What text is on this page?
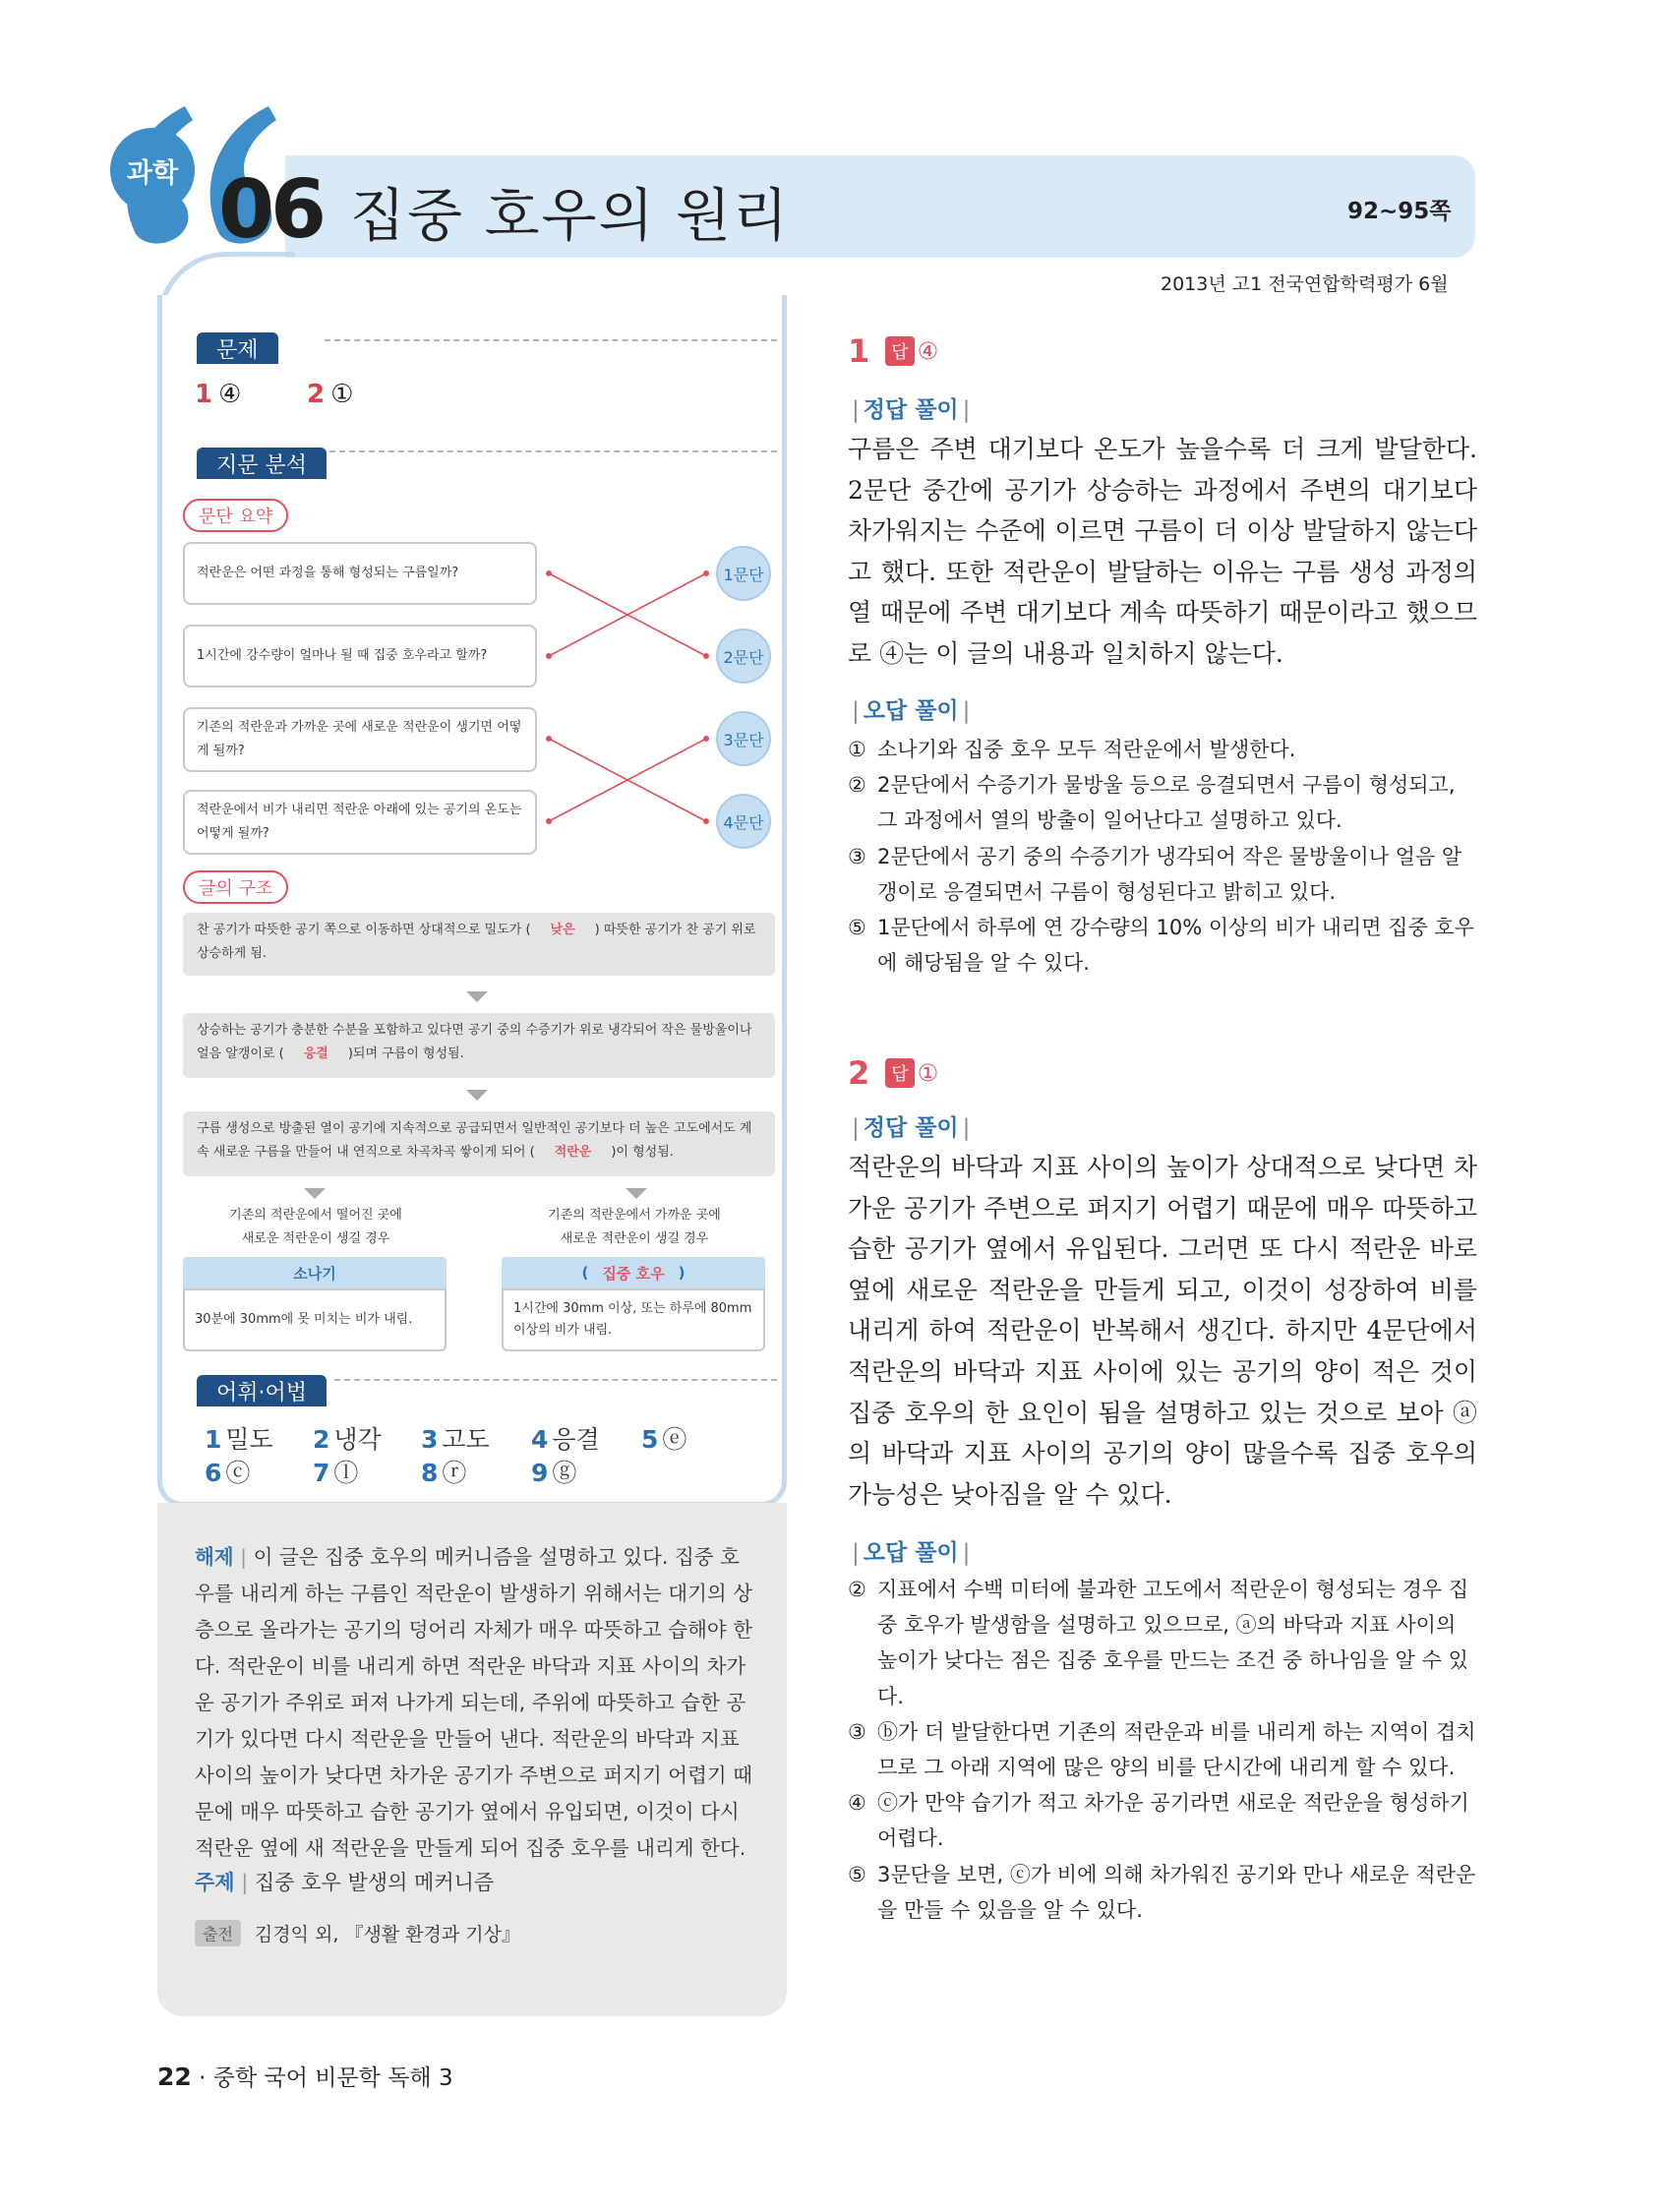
과학 06 집중 호우의 원리	92~95쪽
2013년 고1 전국연합학력평가 6월
문제
1 ④	2 ①
지문 분석
문단 요약
적란운은 어떤 과정을 통해 형성되는 구름일까?
1시간에 강수량이 얼마나 될 때 집중 호우라고 할까?
기존의 적란운과 가까운 곳에 새로운 적란운이 생기면 어떻게 될까?
적란운에서 비가 내리면 적란운 아래에 있는 공기의 온도는 어떻게 될까?
1문단
2문단
3문단
4문단
글의 구조
찬 공기가 따뜻한 공기 쪽으로 이동하면 상대적으로 밀도가 ( 낮은 ) 따뜻한 공기가 찬 공기 위로 상승하게 됨.
상승하는 공기가 충분한 수분을 포함하고 있다면 공기 중의 수증기가 위로 냉각되어 작은 물방울이나 얼음 알갱이로 ( 응결 )되며 구름이 형성됨.
구름 생성으로 방출된 열이 공기에 지속적으로 공급되면서 일반적인 공기보다 더 높은 고도에서도 계속 새로운 구름을 만들어 내 연직으로 차곡차곡 쌓이게 되어 ( 적란운 )이 형성됨.
기존의 적란운에서 떨어진 곳에
새로운 적란운이 생길 경우
기존의 적란운에서 가까운 곳에
새로운 적란운이 생길 경우
소나기
30분에 30mm에 못 미치는 비가 내림.
( 집중 호우 )
1시간에 30mm 이상, 또는 하루에 80mm 이상의 비가 내림.
어휘·어법
1 밀도 2 냉각 3 고도 4 응결 5 ⓔ
6 ⓒ	7 ⓛ	8 ⓡ	9 ⓖ
해제 | 이 글은 집중 호우의 메커니즘을 설명하고 있다. 집중 호우를 내리게 하는 구름인 적란운이 발생하기 위해서는 대기의 상층으로 올라가는 공기의 덩어리 자체가 매우 따뜻하고 습해야 한다. 적란운이 비를 내리게 하면 적란운 바닥과 지표 사이의 차가운 공기가 주위로 퍼져 나가게 되는데, 주위에 따뜻하고 습한 공기가 있다면 다시 적란운을 만들어 낸다. 적란운의 바닥과 지표 사이의 높이가 낮다면 차가운 공기가 주변으로 퍼지기 어렵기 때문에 매우 따뜻하고 습한 공기가 옆에서 유입되면, 이것이 다시 적란운 옆에 새 적란운을 만들게 되어 집중 호우를 내리게 한다.
주제 | 집중 호우 발생의 메커니즘
출전	김경익 외, 『생활 환경과 기상』
1	답 ④
| 정답 풀이 |
구름은 주변 대기보다 온도가 높을수록 더 크게 발달한다. 2문단 중간에 공기가 상승하는 과정에서 주변의 대기보다 차가워지는 수준에 이르면 구름이 더 이상 발달하지 않는다고 했다. 또한 적란운이 발달하는 이유는 구름 생성 과정의 열 때문에 주변 대기보다 계속 따뜻하기 때문이라고 했으므로 ④는 이 글의 내용과 일치하지 않는다.
| 오답 풀이 |
① 소나기와 집중 호우 모두 적란운에서 발생한다.
② 2문단에서 수증기가 물방울 등으로 응결되면서 구름이 형성되고, 그 과정에서 열의 방출이 일어난다고 설명하고 있다.
③ 2문단에서 공기 중의 수증기가 냉각되어 작은 물방울이나 얼음 알갱이로 응결되면서 구름이 형성된다고 밝히고 있다.
⑤ 1문단에서 하루에 연 강수량의 10% 이상의 비가 내리면 집중 호우에 해당됨을 알 수 있다.
2	답 ①
| 정답 풀이 |
적란운의 바닥과 지표 사이의 높이가 상대적으로 낮다면 차가운 공기가 주변으로 퍼지기 어렵기 때문에 매우 따뜻하고 습한 공기가 옆에서 유입된다. 그러면 또 다시 적란운 바로 옆에 새로운 적란운을 만들게 되고, 이것이 성장하여 비를 내리게 하여 적란운이 반복해서 생긴다. 하지만 4문단에서 적란운의 바닥과 지표 사이에 있는 공기의 양이 적은 것이 집중 호우의 한 요인이 됨을 설명하고 있는 것으로 보아 ⓐ의 바닥과 지표 사이의 공기의 양이 많을수록 집중 호우의 가능성은 낮아짐을 알 수 있다.
| 오답 풀이 |
② 지표에서 수백 미터에 불과한 고도에서 적란운이 형성되는 경우 집중 호우가 발생함을 설명하고 있으므로, ⓐ의 바닥과 지표 사이의 높이가 낮다는 점은 집중 호우를 만드는 조건 중 하나임을 알 수 있다.
③ ⓑ가 더 발달한다면 기존의 적란운과 비를 내리게 하는 지역이 겹치므로 그 아래 지역에 많은 양의 비를 단시간에 내리게 할 수 있다.
④ ⓒ가 만약 습기가 적고 차가운 공기라면 새로운 적란운을 형성하기 어렵다.
⑤ 3문단을 보면, ⓒ가 비에 의해 차가워진 공기와 만나 새로운 적란운을 만들 수 있음을 알 수 있다.
22 · 중학 국어 비문학 독해 3
